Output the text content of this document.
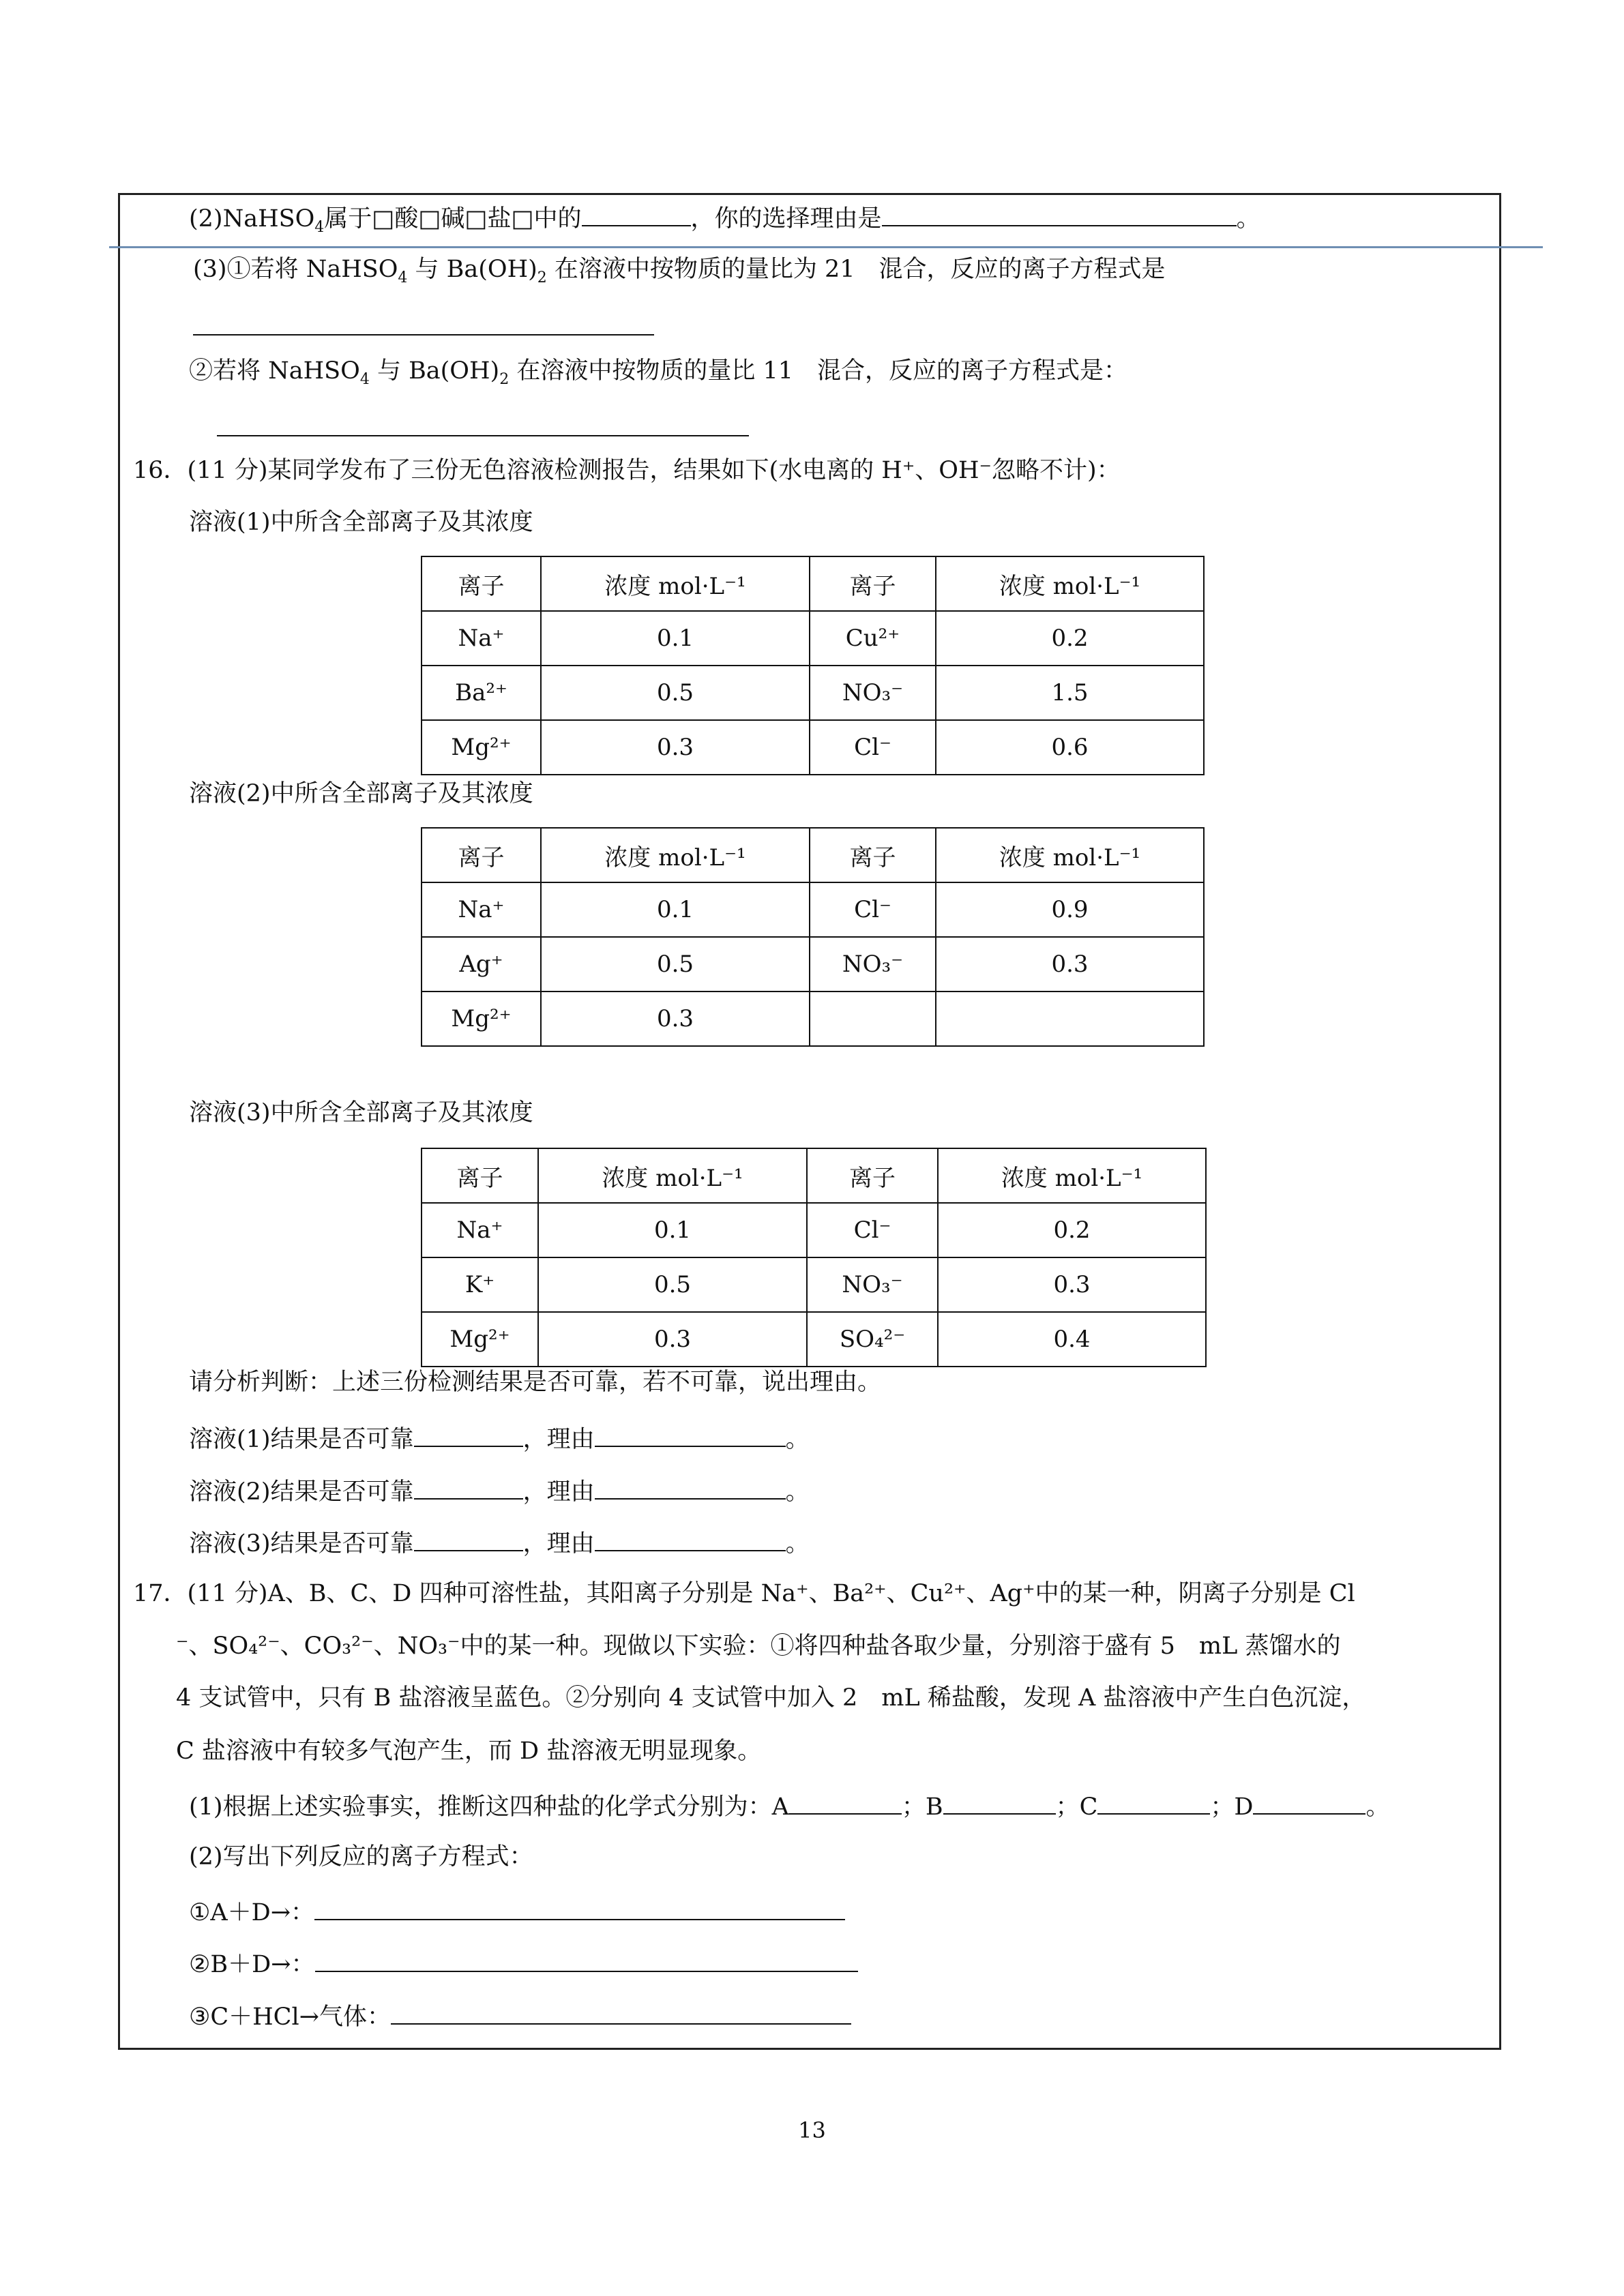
(2)NaHSO$_4$属于□酸□碱□盐□中的	，你的选择理由是	。
(3)①若将 NaHSO$_4$ 与 $Ba(OH)_2$ 在溶液中按物质的量比为 21　混合，反应的离子方程式是
②若将 NaHSO$_4$ 与 $Ba(OH)_2$ 在溶液中按物质的量比 11　混合，反应的离子方程式是：
16．(11 分)某同学发布了三份无色溶液检测报告，结果如下(水电离的 H⁺、OH⁻忽略不计)：
溶液(1)中所含全部离子及其浓度
离子	浓度 mol·L⁻¹	离子	浓度 mol·L⁻¹
Na⁺	0.1	Cu²⁺	0.2
Ba²⁺	0.5	NO₃⁻	1.5
Mg²⁺	0.3	Cl⁻	0.6
溶液(2)中所含全部离子及其浓度
离子	浓度 mol·L⁻¹	离子	浓度 mol·L⁻¹
Na⁺	0.1	Cl⁻	0.9
Ag⁺	0.5	NO₃⁻	0.3
Mg²⁺	0.3		
溶液(3)中所含全部离子及其浓度
离子	浓度 mol·L⁻¹	离子	浓度 mol·L⁻¹
Na⁺	0.1	Cl⁻	0.2
K⁺	0.5	NO₃⁻	0.3
Mg²⁺	0.3	SO₄²⁻	0.4
请分析判断：上述三份检测结果是否可靠，若不可靠，说出理由。
溶液(1)结果是否可靠	，理由	。
溶液(2)结果是否可靠	，理由	。
溶液(3)结果是否可靠	，理由	。
17．(11 分)A、B、C、D 四种可溶性盐，其阳离子分别是 Na⁺、Ba²⁺、Cu²⁺、Ag⁺中的某一种，阴离子分别是 Cl
⁻、SO₄²⁻、CO₃²⁻、NO₃⁻中的某一种。现做以下实验：①将四种盐各取少量，分别溶于盛有 5　mL 蒸馏水的
4 支试管中，只有 B 盐溶液呈蓝色。②分别向 4 支试管中加入 2　mL 稀盐酸，发现 A 盐溶液中产生白色沉淀，
C 盐溶液中有较多气泡产生，而 D 盐溶液无明显现象。
(1)根据上述实验事实，推断这四种盐的化学式分别为：A	；B	；C	；D	。
(2)写出下列反应的离子方程式：
①A＋D→：
②B＋D→：
③C＋HCl→气体：
13
